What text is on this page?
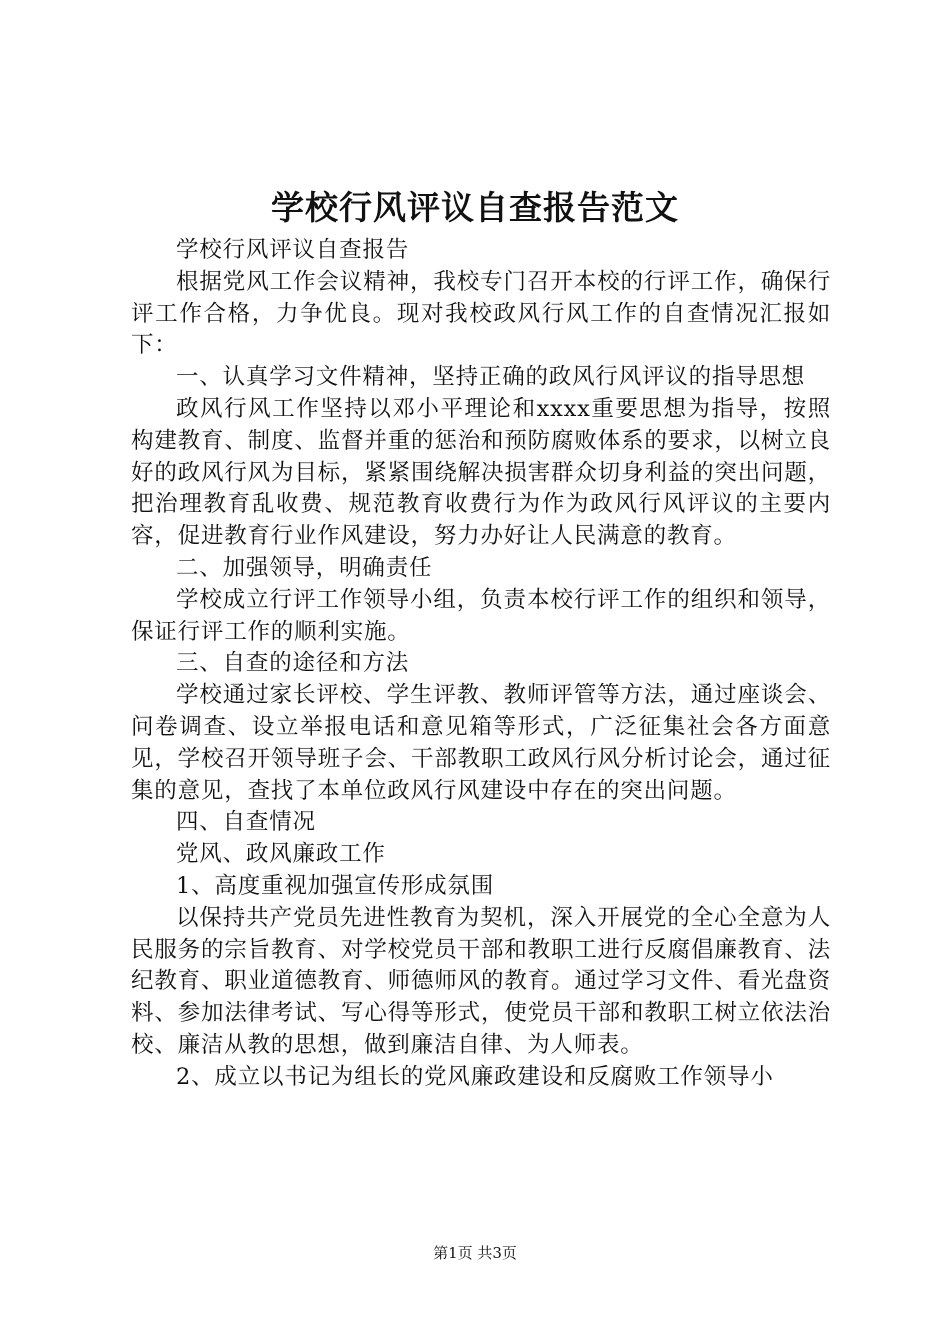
学校行风评议自查报告范文

学校行风评议自查报告

根据党风工作会议精神，我校专门召开本校的行评工作，确保行评工作合格，力争优良。现对我校政风行风工作的自查情况汇报如下：

一、认真学习文件精神，坚持正确的政风行风评议的指导思想

政风行风工作坚持以邓小平理论和xxxx重要思想为指导，按照构建教育、制度、监督并重的惩治和预防腐败体系的要求，以树立良好的政风行风为目标，紧紧围绕解决损害群众切身利益的突出问题，把治理教育乱收费、规范教育收费行为作为政风行风评议的主要内容，促进教育行业作风建设，努力办好让人民满意的教育。

二、加强领导，明确责任

学校成立行评工作领导小组，负责本校行评工作的组织和领导，保证行评工作的顺利实施。

三、自查的途径和方法

学校通过家长评校、学生评教、教师评管等方法，通过座谈会、问卷调查、设立举报电话和意见箱等形式，广泛征集社会各方面意见，学校召开领导班子会、干部教职工政风行风分析讨论会，通过征集的意见，查找了本单位政风行风建设中存在的突出问题。

四、自查情况

党风、政风廉政工作

1、高度重视加强宣传形成氛围

以保持共产党员先进性教育为契机，深入开展党的全心全意为人民服务的宗旨教育、对学校党员干部和教职工进行反腐倡廉教育、法纪教育、职业道德教育、师德师风的教育。通过学习文件、看光盘资料、参加法律考试、写心得等形式，使党员干部和教职工树立依法治校、廉洁从教的思想，做到廉洁自律、为人师表。

2、成立以书记为组长的党风廉政建设和反腐败工作领导小

第1页 共3页
